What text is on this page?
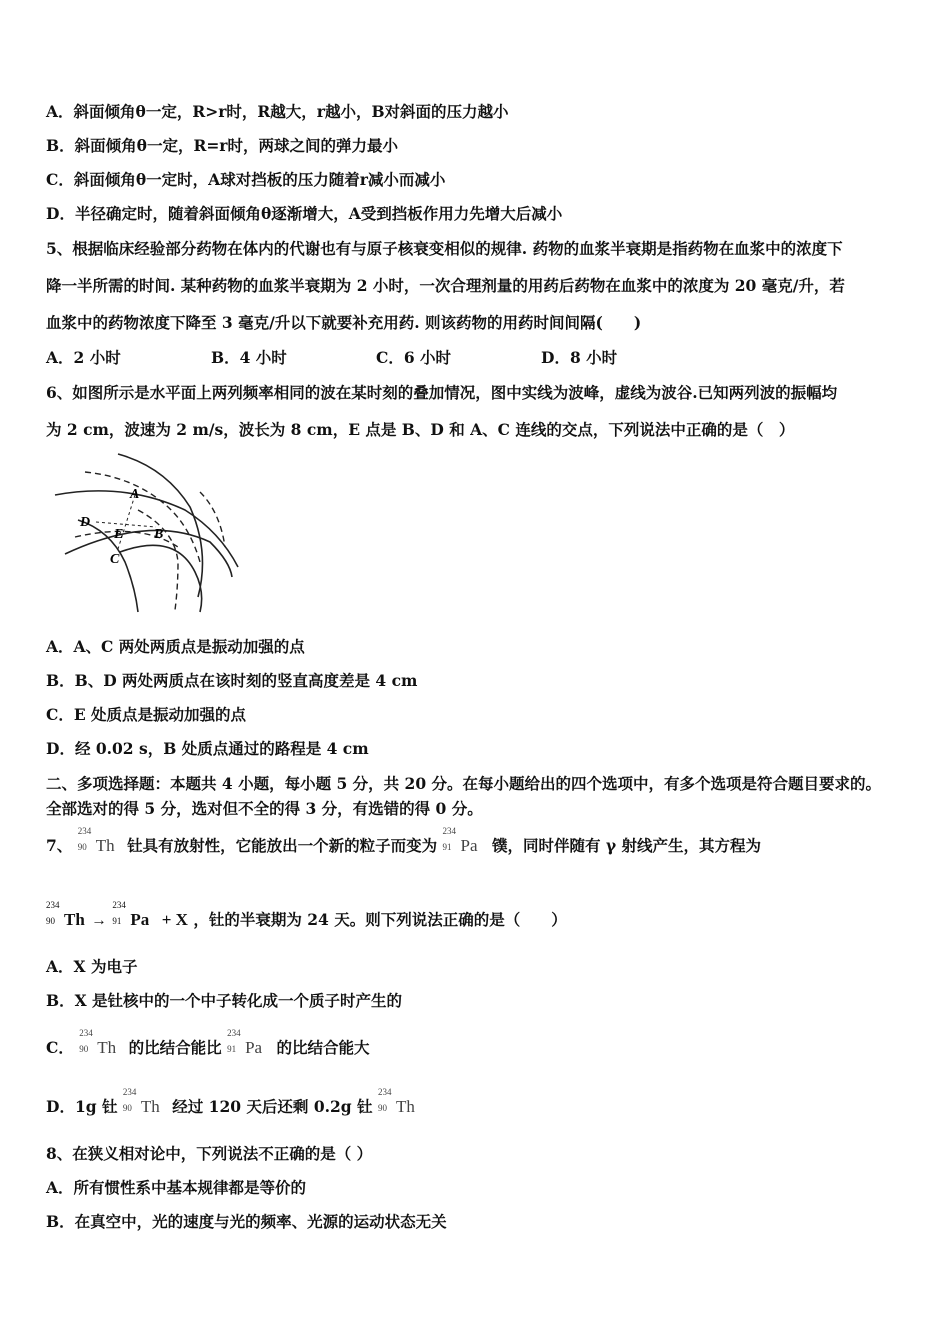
A．斜面倾角θ一定，R>r时，R越大，r越小，B对斜面的压力越小
B．斜面倾角θ一定，R=r时，两球之间的弹力最小
C．斜面倾角θ一定时，A球对挡板的压力随着r减小而减小
D．半径确定时，随着斜面倾角θ逐渐增大，A受到挡板作用力先增大后减小
5、根据临床经验部分药物在体内的代谢也有与原子核衰变相似的规律. 药物的血浆半衰期是指药物在血浆中的浓度下
降一半所需的时间. 某种药物的血浆半衰期为 2 小时，一次合理剂量的用药后药物在血浆中的浓度为 20 毫克/升，若
血浆中的药物浓度下降至 3 毫克/升以下就要补充用药. 则该药物的用药时间间隔(　　)
A．2 小时	B．4 小时	C．6 小时	D．8 小时
6、如图所示是水平面上两列频率相同的波在某时刻的叠加情况，图中实线为波峰，虚线为波谷.已知两列波的振幅均
为 2 cm，波速为 2 m/s，波长为 8 cm，E 点是 B、D 和 A、C 连线的交点，下列说法中正确的是（　）
A
B
C
D
E
A．A、C 两处两质点是振动加强的点
B．B、D 两处两质点在该时刻的竖直高度差是 4 cm
C．E 处质点是振动加强的点
D．经 0.02 s，B 处质点通过的路程是 4 cm
二、多项选择题：本题共 4 小题，每小题 5 分，共 20 分。在每小题给出的四个选项中，有多个选项是符合题目要求的。
全部选对的得 5 分，选对但不全的得 3 分，有选错的得 0 分。
7、
234
90 Th 钍具有放射性，它能放出一个新的粒子而变为
234
91 Pa 镤，同时伴随有 γ 射线产生，其方程为
234
90 Th →
234
91 Pa + X ，钍的半衰期为 24 天。则下列说法正确的是（　　）
A．X 为电子
B．X 是钍核中的一个中子转化成一个质子时产生的
C．
234
90 Th 的比结合能比
234
91 Pa 的比结合能大
D．1g 钍
234
90 Th 经过 120 天后还剩 0.2g 钍
234
90 Th
8、在狭义相对论中，下列说法不正确的是（ ）
A．所有惯性系中基本规律都是等价的
B．在真空中，光的速度与光的频率、光源的运动状态无关
